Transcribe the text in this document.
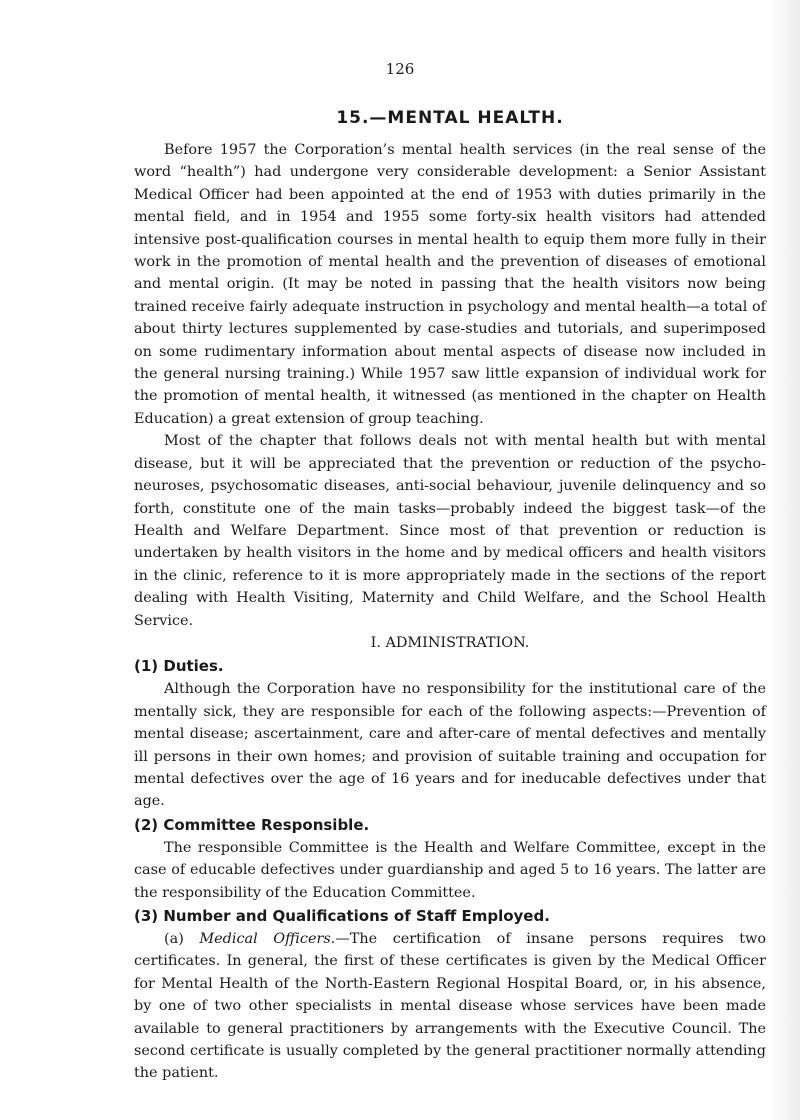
126
15.—MENTAL HEALTH.

Before 1957 the Corporation’s mental health services (in the real sense of the word “health”) had undergone very considerable development: a Senior Assistant Medical Officer had been appointed at the end of 1953 with duties primarily in the mental field, and in 1954 and 1955 some forty-six health visitors had attended intensive post-qualification courses in mental health to equip them more fully in their work in the promotion of mental health and the prevention of diseases of emotional and mental origin. (It may be noted in passing that the health visitors now being trained receive fairly adequate instruction in psychology and mental health—a total of about thirty lectures supplemented by case-studies and tutorials, and superimposed on some rudimentary information about mental aspects of disease now included in the general nursing training.) While 1957 saw little expansion of individual work for the promotion of mental health, it witnessed (as mentioned in the chapter on Health Education) a great extension of group teaching.

Most of the chapter that follows deals not with mental health but with mental disease, but it will be appreciated that the prevention or reduction of the psycho-neuroses, psychosomatic diseases, anti-social behaviour, juvenile delinquency and so forth, constitute one of the main tasks—probably indeed the biggest task—of the Health and Welfare Department. Since most of that prevention or reduction is undertaken by health visitors in the home and by medical officers and health visitors in the clinic, reference to it is more appropriately made in the sections of the report dealing with Health Visiting, Maternity and Child Welfare, and the School Health Service.

I. ADMINISTRATION.
(1) Duties.

Although the Corporation have no responsibility for the institutional care of the mentally sick, they are responsible for each of the following aspects:—Prevention of mental disease; ascertainment, care and after-care of mental defectives and mentally ill persons in their own homes; and provision of suitable training and occupation for mental defectives over the age of 16 years and for ineducable defectives under that age.

(2) Committee Responsible.

The responsible Committee is the Health and Welfare Committee, except in the case of educable defectives under guardianship and aged 5 to 16 years. The latter are the responsibility of the Education Committee.

(3) Number and Qualifications of Staff Employed.

(a) Medical Officers.—The certification of insane persons requires two certificates. In general, the first of these certificates is given by the Medical Officer for Mental Health of the North-Eastern Regional Hospital Board, or, in his absence, by one of two other specialists in mental disease whose services have been made available to general practitioners by arrangements with the Executive Council. The second certificate is usually completed by the general practitioner normally attending the patient.
